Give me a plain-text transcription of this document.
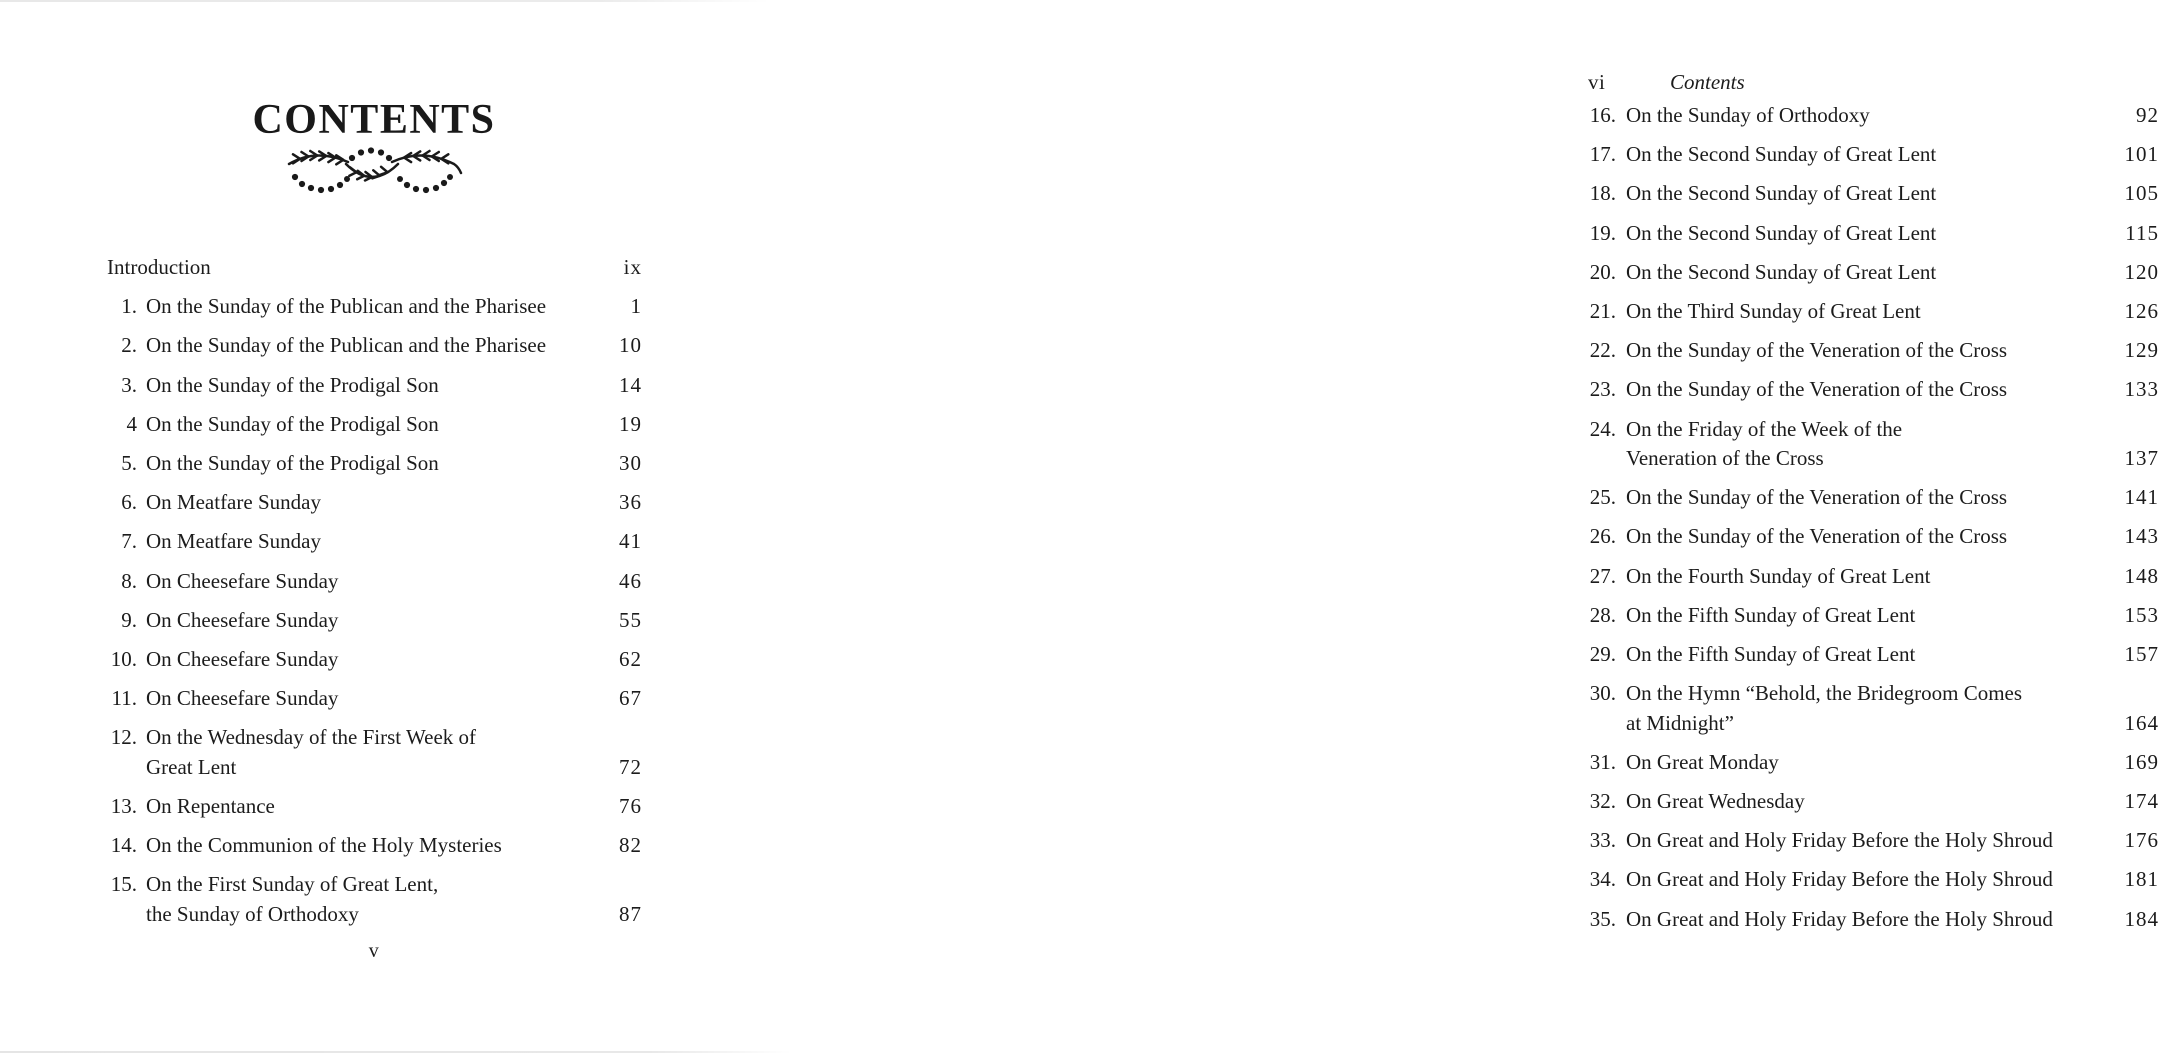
CONTENTS
Introduction	ix
1. On the Sunday of the Publican and the Pharisee	1
2. On the Sunday of the Publican and the Pharisee	10
3. On the Sunday of the Prodigal Son	14
4 On the Sunday of the Prodigal Son	19
5. On the Sunday of the Prodigal Son	30
6. On Meatfare Sunday	36
7. On Meatfare Sunday	41
8. On Cheesefare Sunday	46
9. On Cheesefare Sunday	55
10. On Cheesefare Sunday	62
11. On Cheesefare Sunday	67
12. On the Wednesday of the First Week of
Great Lent	72
13. On Repentance	76
14. On the Communion of the Holy Mysteries	82
15. On the First Sunday of Great Lent,
the Sunday of Orthodoxy	87
v
vi	Contents
16. On the Sunday of Orthodoxy	92
17. On the Second Sunday of Great Lent	101
18. On the Second Sunday of Great Lent	105
19. On the Second Sunday of Great Lent	115
20. On the Second Sunday of Great Lent	120
21. On the Third Sunday of Great Lent	126
22. On the Sunday of the Veneration of the Cross	129
23. On the Sunday of the Veneration of the Cross	133
24. On the Friday of the Week of the
Veneration of the Cross	137
25. On the Sunday of the Veneration of the Cross	141
26. On the Sunday of the Veneration of the Cross	143
27. On the Fourth Sunday of Great Lent	148
28. On the Fifth Sunday of Great Lent	153
29. On the Fifth Sunday of Great Lent	157
30. On the Hymn “Behold, the Bridegroom Comes
at Midnight”	164
31. On Great Monday	169
32. On Great Wednesday	174
33. On Great and Holy Friday Before the Holy Shroud	176
34. On Great and Holy Friday Before the Holy Shroud	181
35. On Great and Holy Friday Before the Holy Shroud	184
